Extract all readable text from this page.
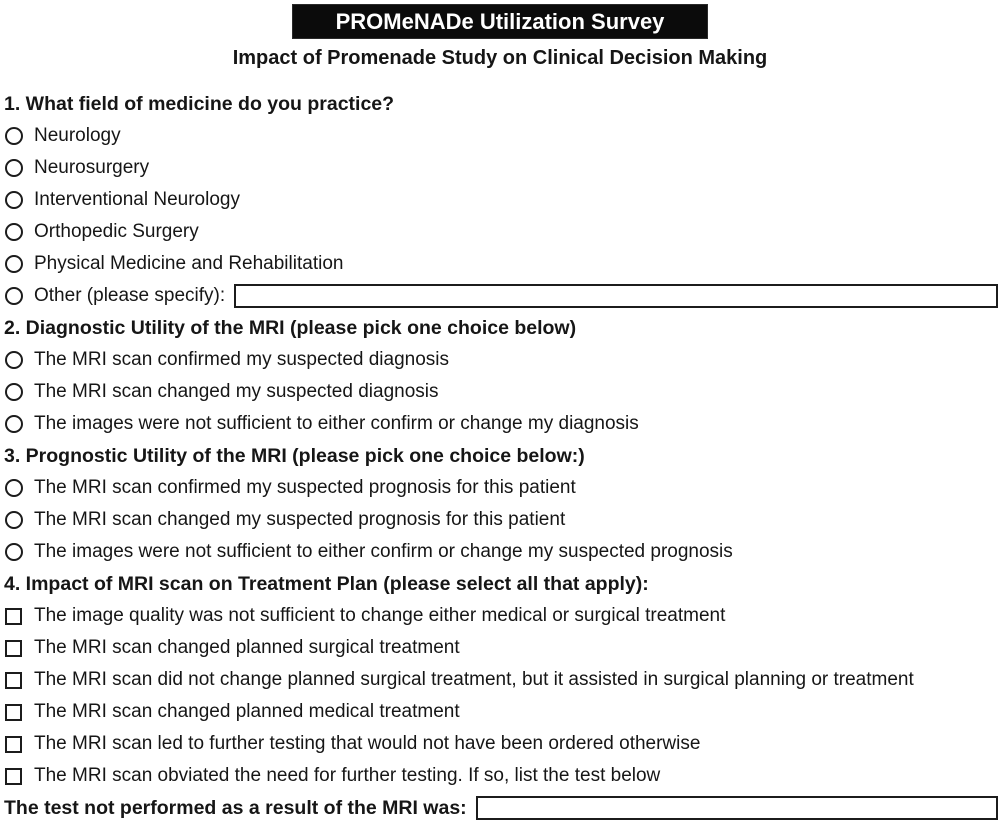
PROMeNADe Utilization Survey
Impact of Promenade Study on Clinical Decision Making
1. What field of medicine do you practice?
Neurology
Neurosurgery
Interventional Neurology
Orthopedic Surgery
Physical Medicine and Rehabilitation
Other (please specify):
2. Diagnostic Utility of the MRI (please pick one choice below)
The MRI scan confirmed my suspected diagnosis
The MRI scan changed my suspected diagnosis
The images were not sufficient to either confirm or change my diagnosis
3. Prognostic Utility of the MRI (please pick one choice below:)
The MRI scan confirmed my suspected prognosis for this patient
The MRI scan changed my suspected prognosis for this patient
The images were not sufficient to either confirm or change my suspected prognosis
4. Impact of MRI scan on Treatment Plan (please select all that apply):
The image quality was not sufficient to change either medical or surgical treatment
The MRI scan changed planned surgical treatment
The MRI scan did not change planned surgical treatment, but it assisted in surgical planning or treatment
The MRI scan changed planned medical treatment
The MRI scan led to further testing that would not have been ordered otherwise
The MRI scan obviated the need for further testing. If so, list the test below
The test not performed as a result of the MRI was:
